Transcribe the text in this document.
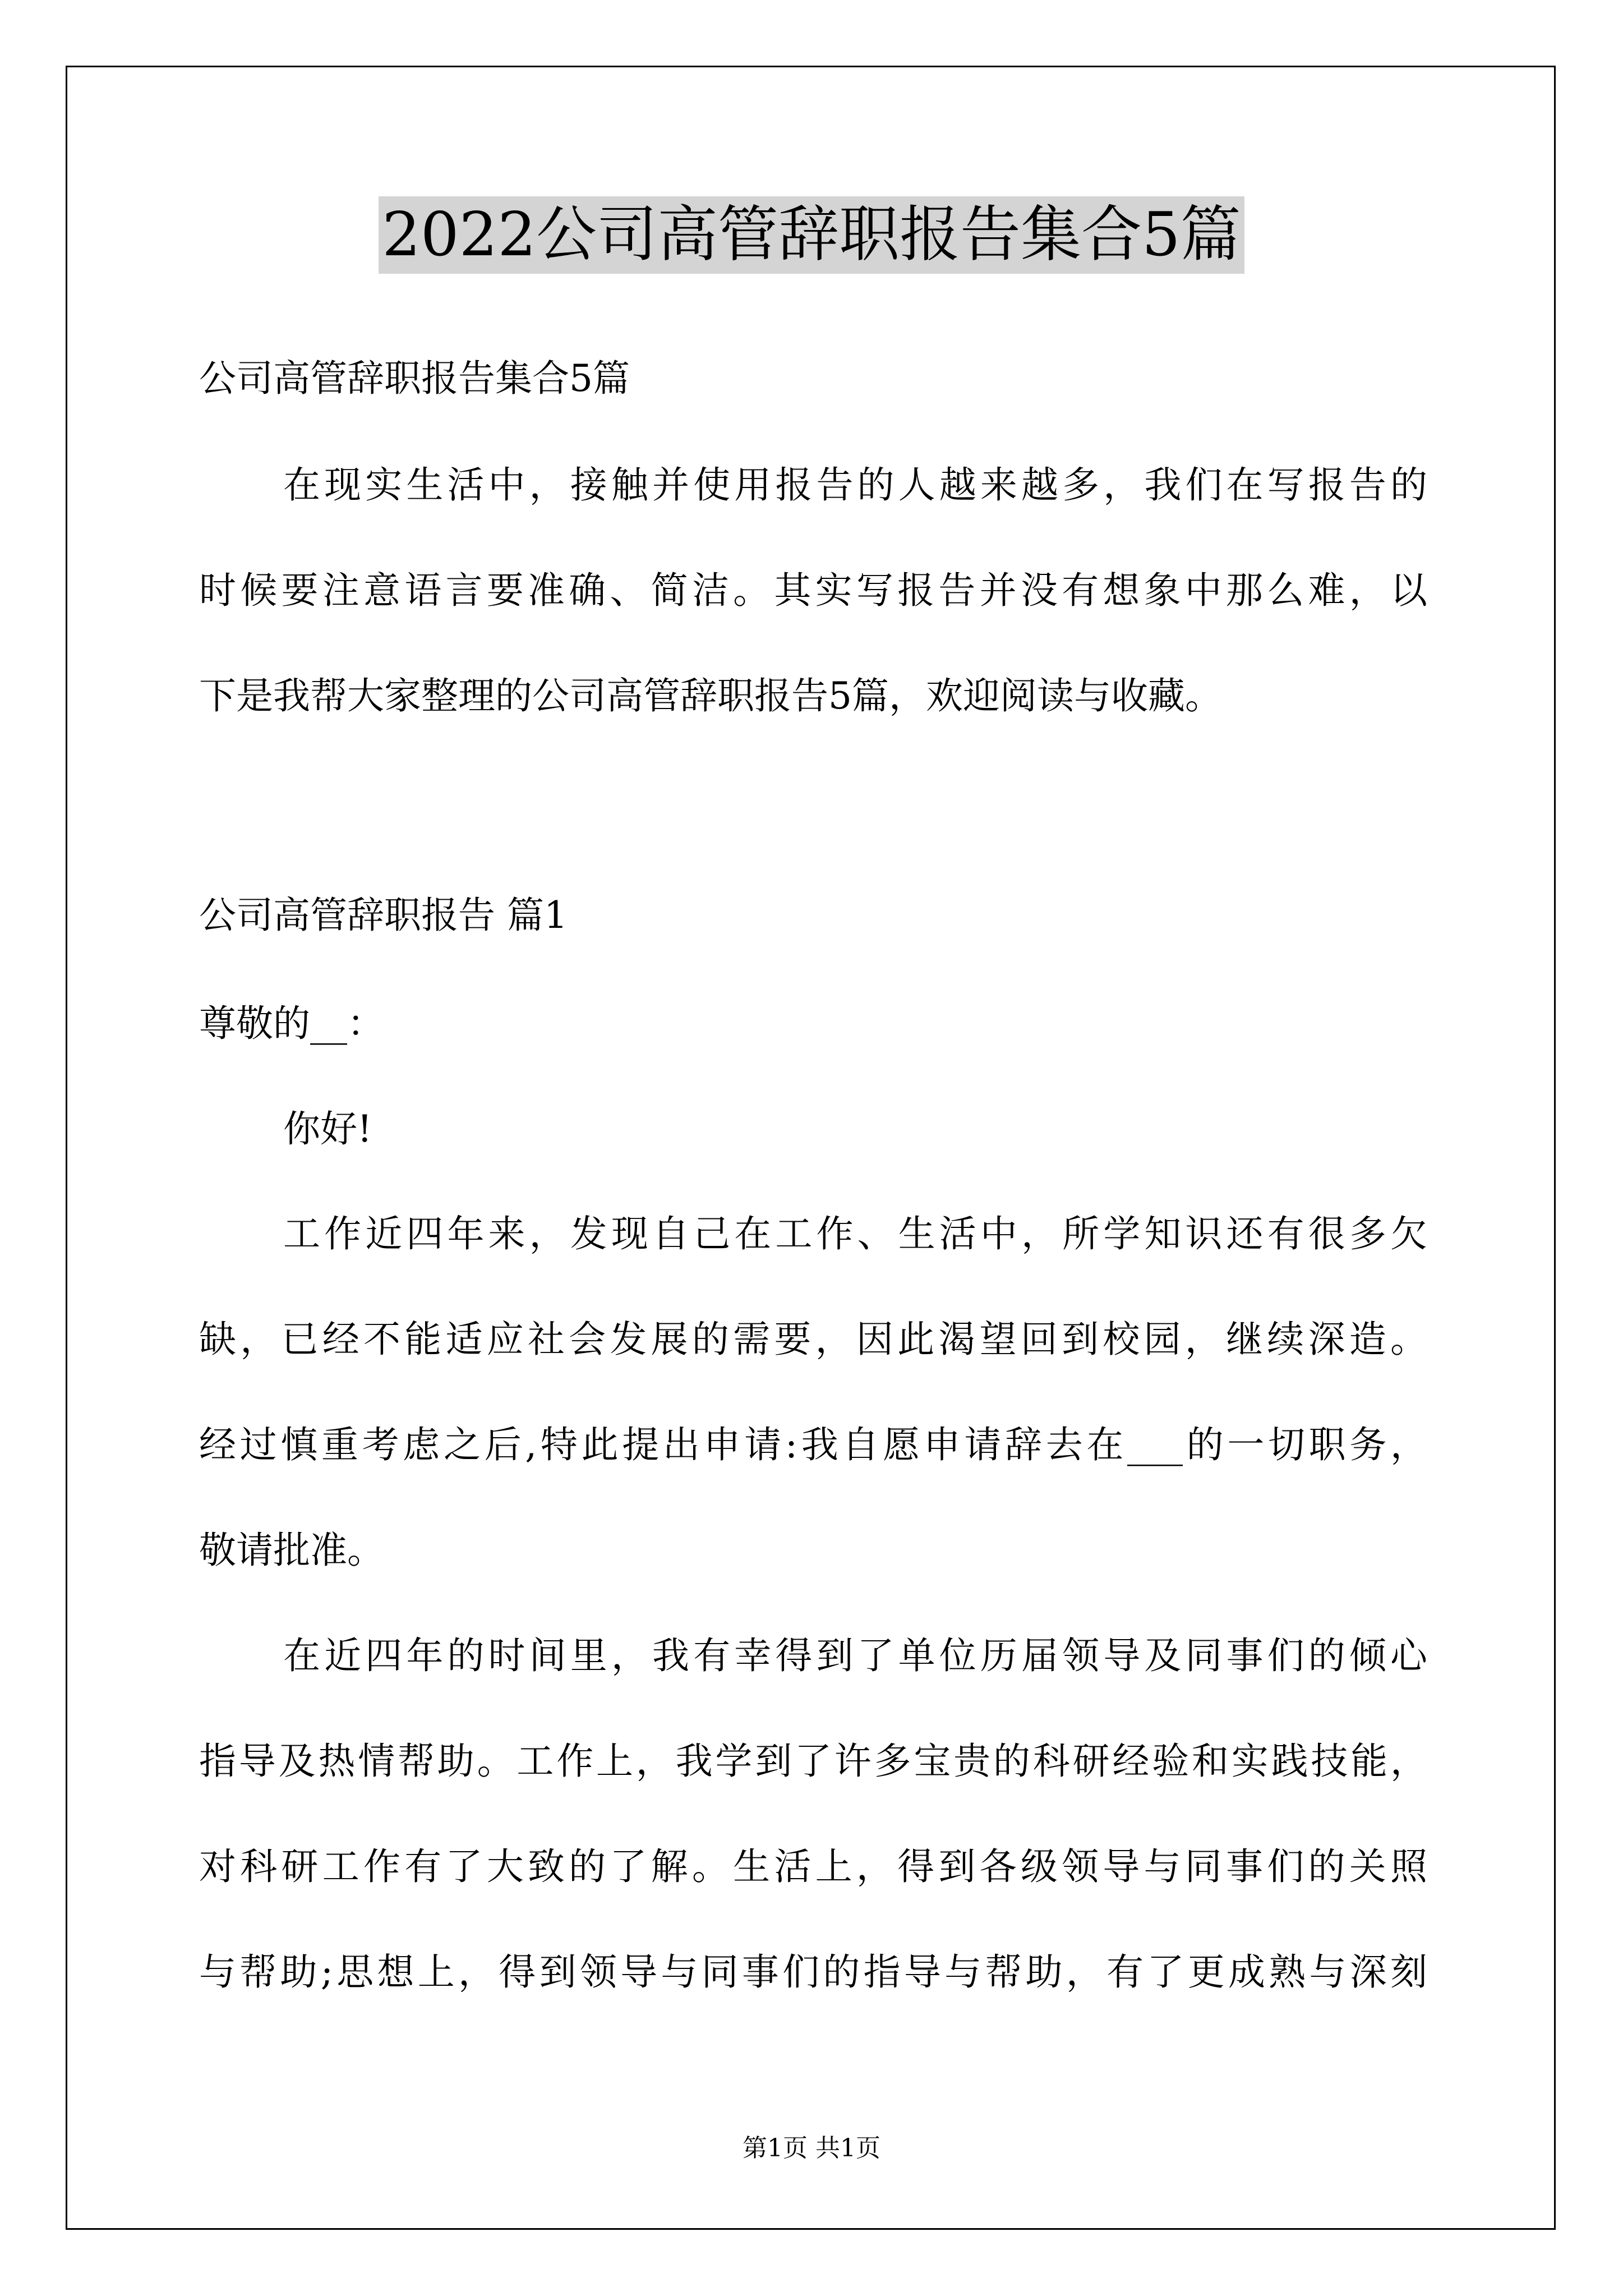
2022公司高管辞职报告集合5篇
公司高管辞职报告集合5篇
在现实生活中，接触并使用报告的人越来越多，我们在写报告的
时候要注意语言要准确、简洁。其实写报告并没有想象中那么难，以
下是我帮大家整理的公司高管辞职报告5篇，欢迎阅读与收藏。
公司高管辞职报告 篇1
尊敬的__：
你好!
工作近四年来，发现自己在工作、生活中，所学知识还有很多欠
缺，已经不能适应社会发展的需要，因此渴望回到校园，继续深造。
经过慎重考虑之后,特此提出申请:我自愿申请辞去在___的一切职务，
敬请批准。
在近四年的时间里，我有幸得到了单位历届领导及同事们的倾心
指导及热情帮助。工作上，我学到了许多宝贵的科研经验和实践技能，
对科研工作有了大致的了解。生活上，得到各级领导与同事们的关照
与帮助;思想上，得到领导与同事们的指导与帮助，有了更成熟与深刻
第1页 共1页
